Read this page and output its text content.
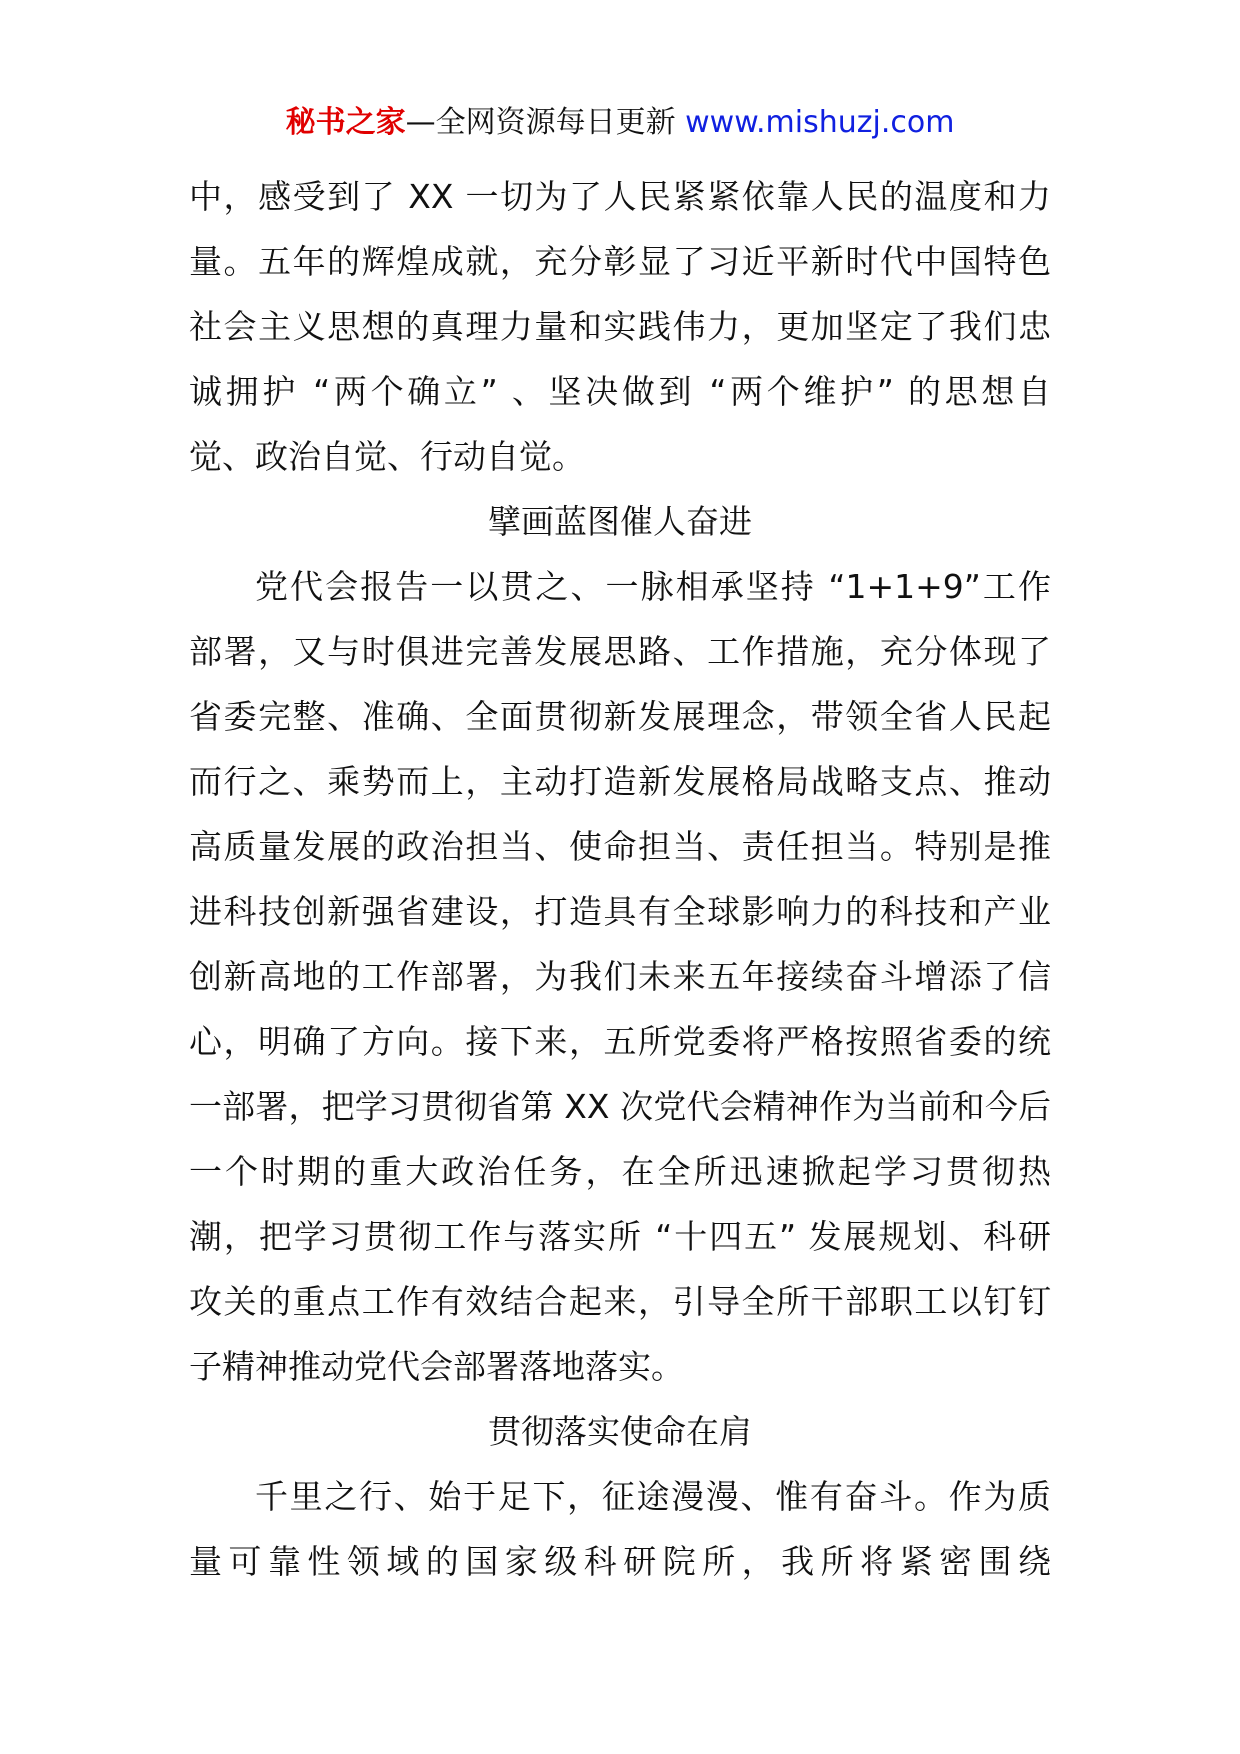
秘书之家—全网资源每日更新 www.mishuzj.com
中，感受到了 XX 一切为了人民紧紧依靠人民的温度和力
量。五年的辉煌成就，充分彰显了习近平新时代中国特色
社会主义思想的真理力量和实践伟力，更加坚定了我们忠
诚拥护 “两个确立” 、坚决做到 “两个维护” 的思想自
觉、政治自觉、行动自觉。
擘画蓝图催人奋进
党代会报告一以贯之、一脉相承坚持 “1+1+9”工作
部署，又与时俱进完善发展思路、工作措施，充分体现了
省委完整、准确、全面贯彻新发展理念，带领全省人民起
而行之、乘势而上，主动打造新发展格局战略支点、推动
高质量发展的政治担当、使命担当、责任担当。特别是推
进科技创新强省建设，打造具有全球影响力的科技和产业
创新高地的工作部署，为我们未来五年接续奋斗增添了信
心，明确了方向。接下来，五所党委将严格按照省委的统
一部署，把学习贯彻省第 XX 次党代会精神作为当前和今后
一个时期的重大政治任务，在全所迅速掀起学习贯彻热
潮，把学习贯彻工作与落实所 “十四五” 发展规划、科研
攻关的重点工作有效结合起来，引导全所干部职工以钉钉
子精神推动党代会部署落地落实。
贯彻落实使命在肩
千里之行、始于足下，征途漫漫、惟有奋斗。作为质
量可靠性领域的国家级科研院所，我所将紧密围绕
